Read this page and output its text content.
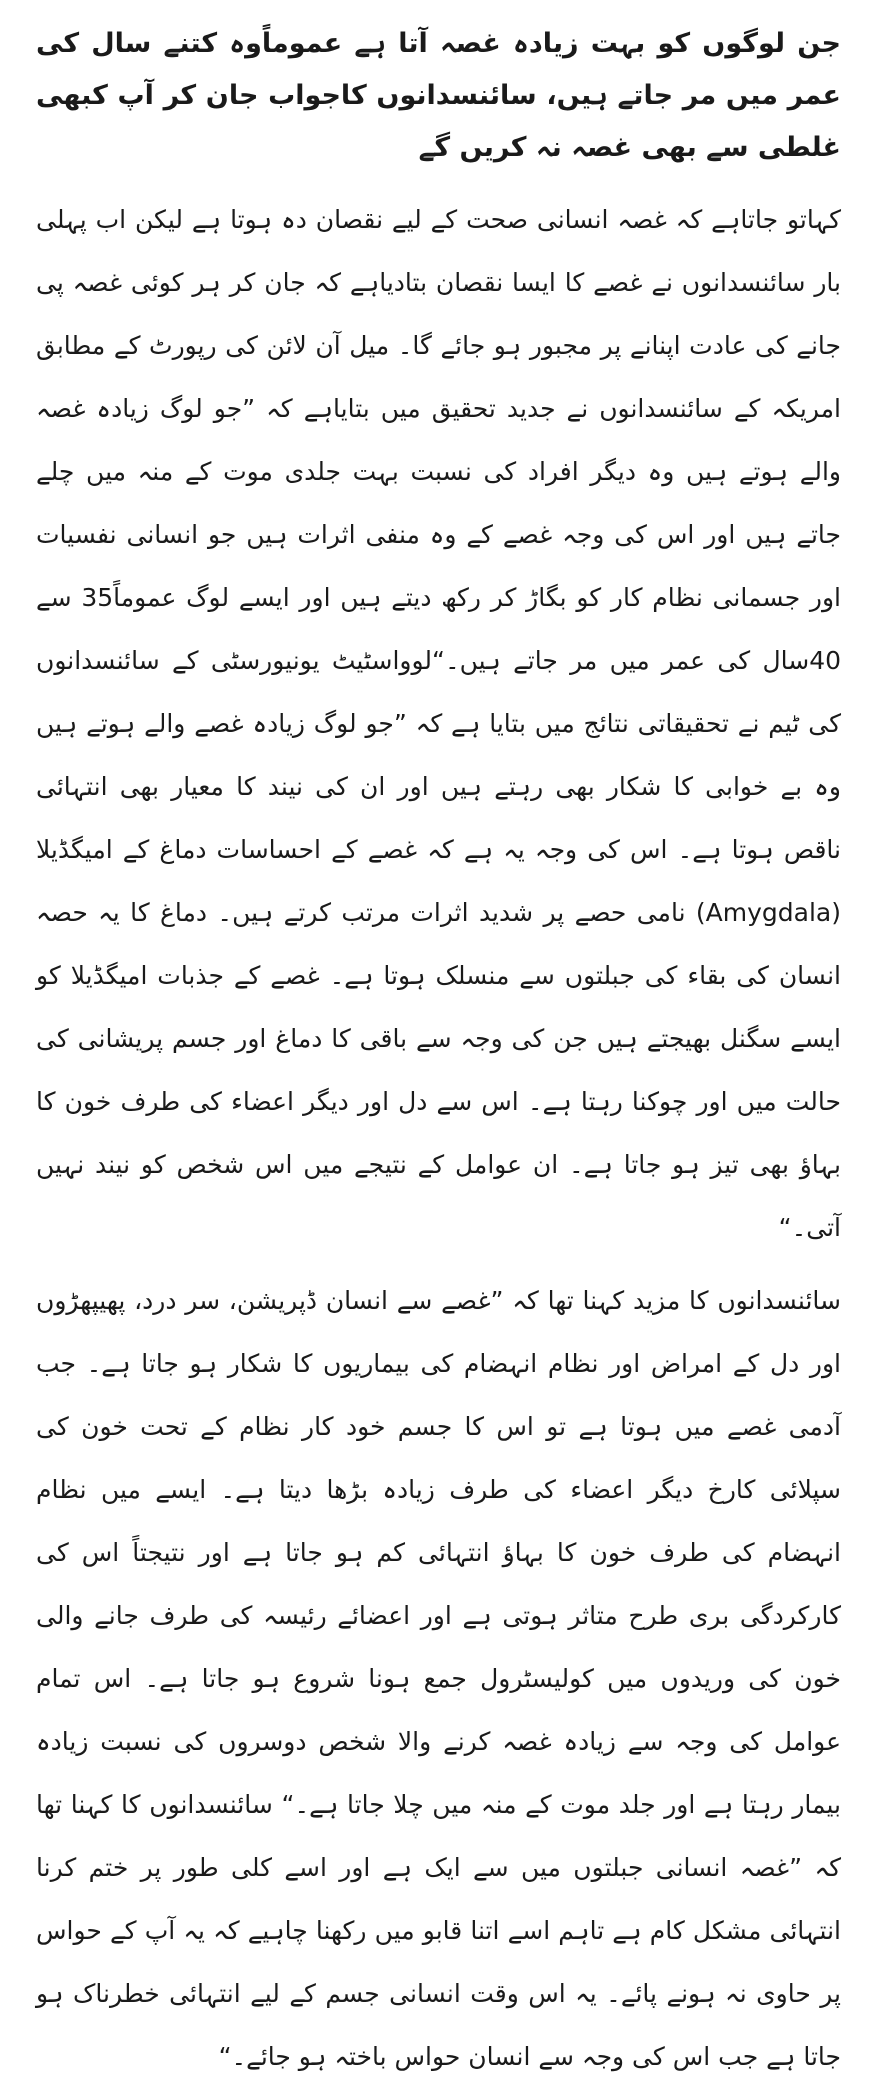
جن لوگوں کو بہت زیادہ غصہ آتا ہے عموماًوہ کتنے سال کی عمر میں مر جاتے ہیں، سائنسدانوں کاجواب جان کر آپ کبھی غلطی سے بھی غصہ نہ کریں گے
کہاتو جاتاہے کہ غصہ انسانی صحت کے لیے نقصان دہ ہوتا ہے لیکن اب پہلی بار سائنسدانوں نے غصے کا ایسا نقصان بتادیاہے کہ جان کر ہر کوئی غصہ پی جانے کی عادت اپنانے پر مجبور ہو جائے گا۔ میل آن لائن کی رپورٹ کے مطابق امریکہ کے سائنسدانوں نے جدید تحقیق میں بتایاہے کہ ”جو لوگ زیادہ غصہ والے ہوتے ہیں وہ دیگر افراد کی نسبت بہت جلدی موت کے منہ میں چلے جاتے ہیں اور اس کی وجہ غصے کے وہ منفی اثرات ہیں جو انسانی نفسیات اور جسمانی نظام کار کو بگاڑ کر رکھ دیتے ہیں اور ایسے لوگ عموماً35 سے 40سال کی عمر میں مر جاتے ہیں۔“لوواسٹیٹ یونیورسٹی کے سائنسدانوں کی ٹیم نے تحقیقاتی نتائج میں بتایا ہے کہ ”جو لوگ زیادہ غصے والے ہوتے ہیں وہ بے خوابی کا شکار بھی رہتے ہیں اور ان کی نیند کا معیار بھی انتہائی ناقص ہوتا ہے۔ اس کی وجہ یہ ہے کہ غصے کے احساسات دماغ کے امیگڈیلا (Amygdala) نامی حصے پر شدید اثرات مرتب کرتے ہیں۔ دماغ کا یہ حصہ انسان کی بقاء کی جبلتوں سے منسلک ہوتا ہے۔ غصے کے جذبات امیگڈیلا کو ایسے سگنل بھیجتے ہیں جن کی وجہ سے باقی کا دماغ اور جسم پریشانی کی حالت میں اور چوکنا رہتا ہے۔ اس سے دل اور دیگر اعضاء کی طرف خون کا بہاؤ بھی تیز ہو جاتا ہے۔ ان عوامل کے نتیجے میں اس شخص کو نیند نہیں آتی۔“
سائنسدانوں کا مزید کہنا تھا کہ ”غصے سے انسان ڈپریشن، سر درد، پھیپھڑوں اور دل کے امراض اور نظام انہضام کی بیماریوں کا شکار ہو جاتا ہے۔ جب آدمی غصے میں ہوتا ہے تو اس کا جسم خود کار نظام کے تحت خون کی سپلائی کارخ دیگر اعضاء کی طرف زیادہ بڑھا دیتا ہے۔ ایسے میں نظام انہضام کی طرف خون کا بہاؤ انتہائی کم ہو جاتا ہے اور نتیجتاً اس کی کارکردگی بری طرح متاثر ہوتی ہے اور اعضائے رئیسہ کی طرف جانے والی خون کی وریدوں میں کولیسٹرول جمع ہونا شروع ہو جاتا ہے۔ اس تمام عوامل کی وجہ سے زیادہ غصہ کرنے والا شخص دوسروں کی نسبت زیادہ بیمار رہتا ہے اور جلد موت کے منہ میں چلا جاتا ہے۔“ سائنسدانوں کا کہنا تھا کہ ”غصہ انسانی جبلتوں میں سے ایک ہے اور اسے کلی طور پر ختم کرنا انتہائی مشکل کام ہے تاہم اسے اتنا قابو میں رکھنا چاہیے کہ یہ آپ کے حواس پر حاوی نہ ہونے پائے۔ یہ اس وقت انسانی جسم کے لیے انتہائی خطرناک ہو جاتا ہے جب اس کی وجہ سے انسان حواس باختہ ہو جائے۔“
